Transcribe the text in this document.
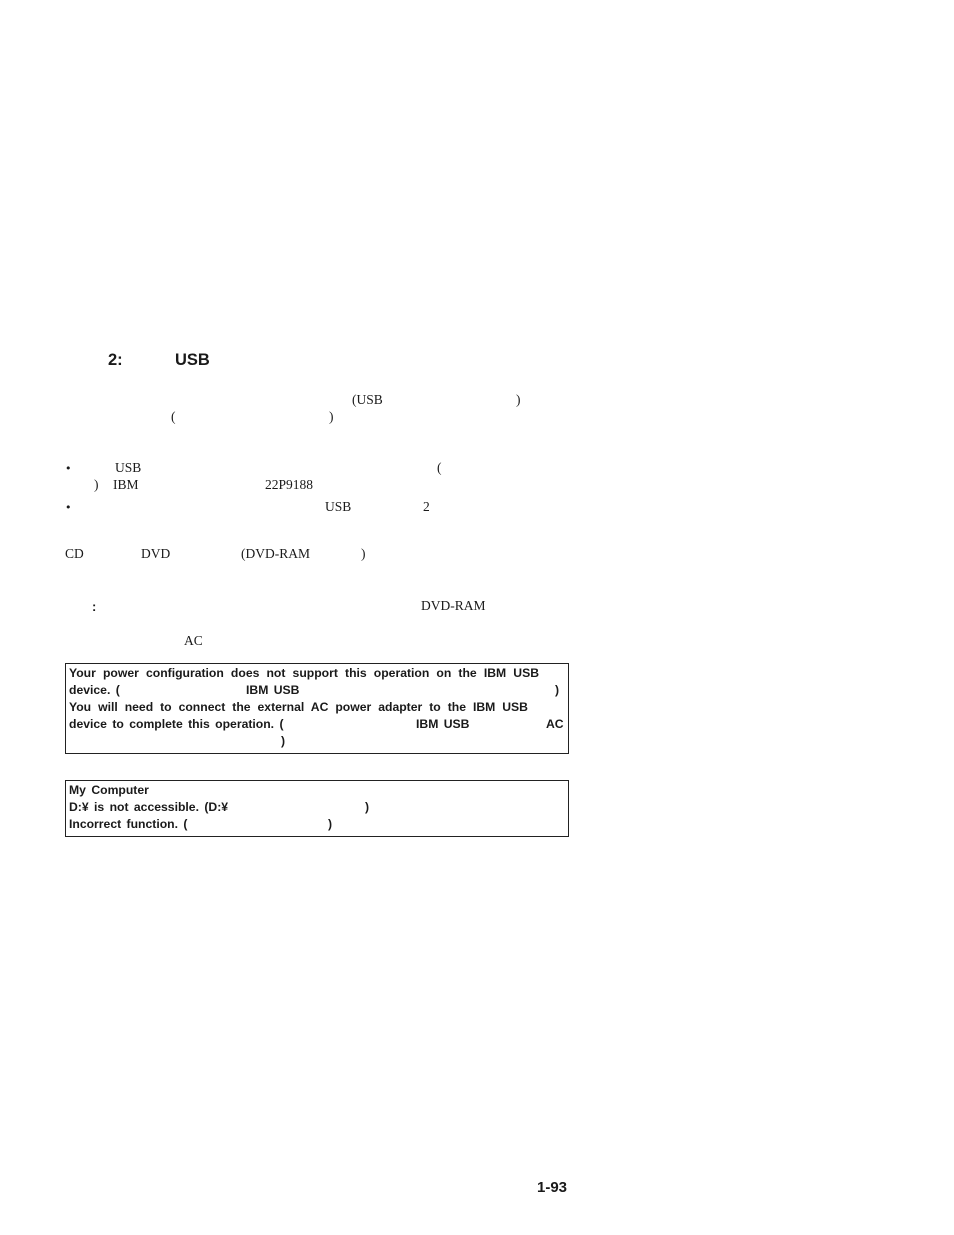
2:	USB
(USB	)
(	)
•	USB	(
) IBM	22P9188
•	USB	2
CD	DVD	(DVD-RAM	)
:	DVD-RAM
AC
Your power configuration does not support this operation on the IBM USB
device. (	IBM USB	)
You will need to connect the external AC power adapter to the IBM USB
device to complete this operation. (	IBM USB	AC
)
My Computer
D:¥ is not accessible. (D:¥	)
Incorrect function. (	)
1-93
